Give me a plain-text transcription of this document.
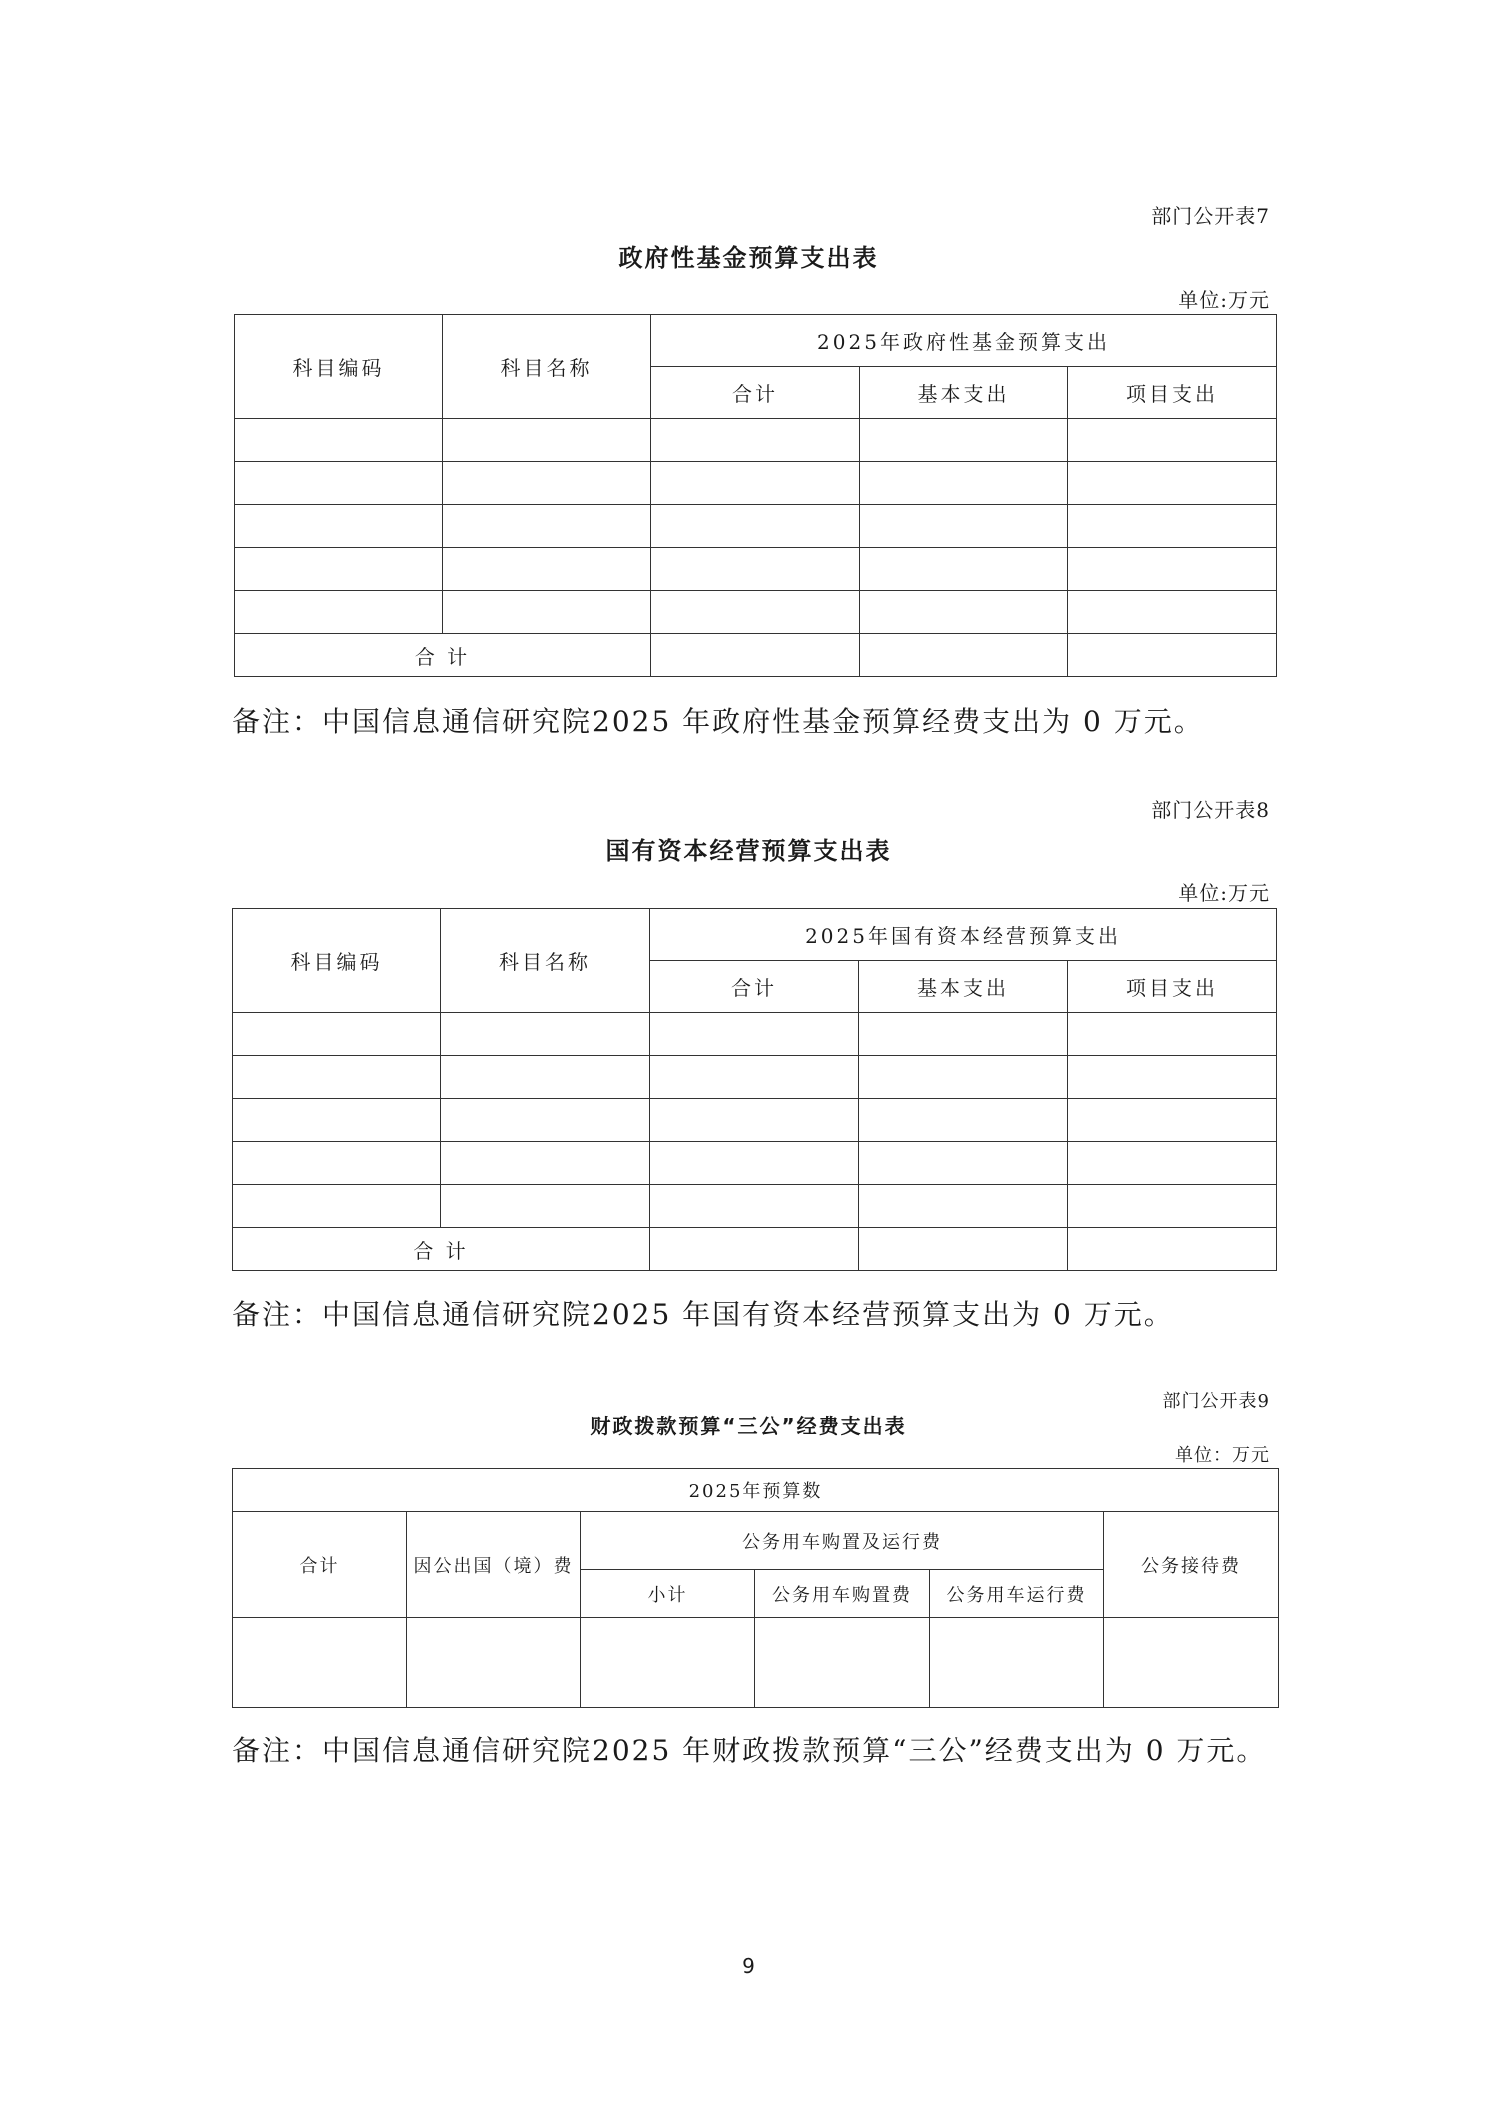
部门公开表7
政府性基金预算支出表
单位:万元
科目编码	科目名称	2025年政府性基金预算支出		
		合计	基本支出	项目支出

合 计				
备注：中国信息通信研究院2025 年政府性基金预算经费支出为 0 万元。
部门公开表8
国有资本经营预算支出表
单位:万元
科目编码	科目名称	2025年国有资本经营预算支出		
		合计	基本支出	项目支出

合 计				
备注：中国信息通信研究院2025 年国有资本经营预算支出为 0 万元。
部门公开表9
财政拨款预算“三公”经费支出表
单位：万元
2025年预算数					
合计	因公出国（境）费	公务用车购置及运行费			公务接待费
		小计	公务用车购置费	公务用车运行费	

备注：中国信息通信研究院2025 年财政拨款预算“三公”经费支出为 0 万元。
9
